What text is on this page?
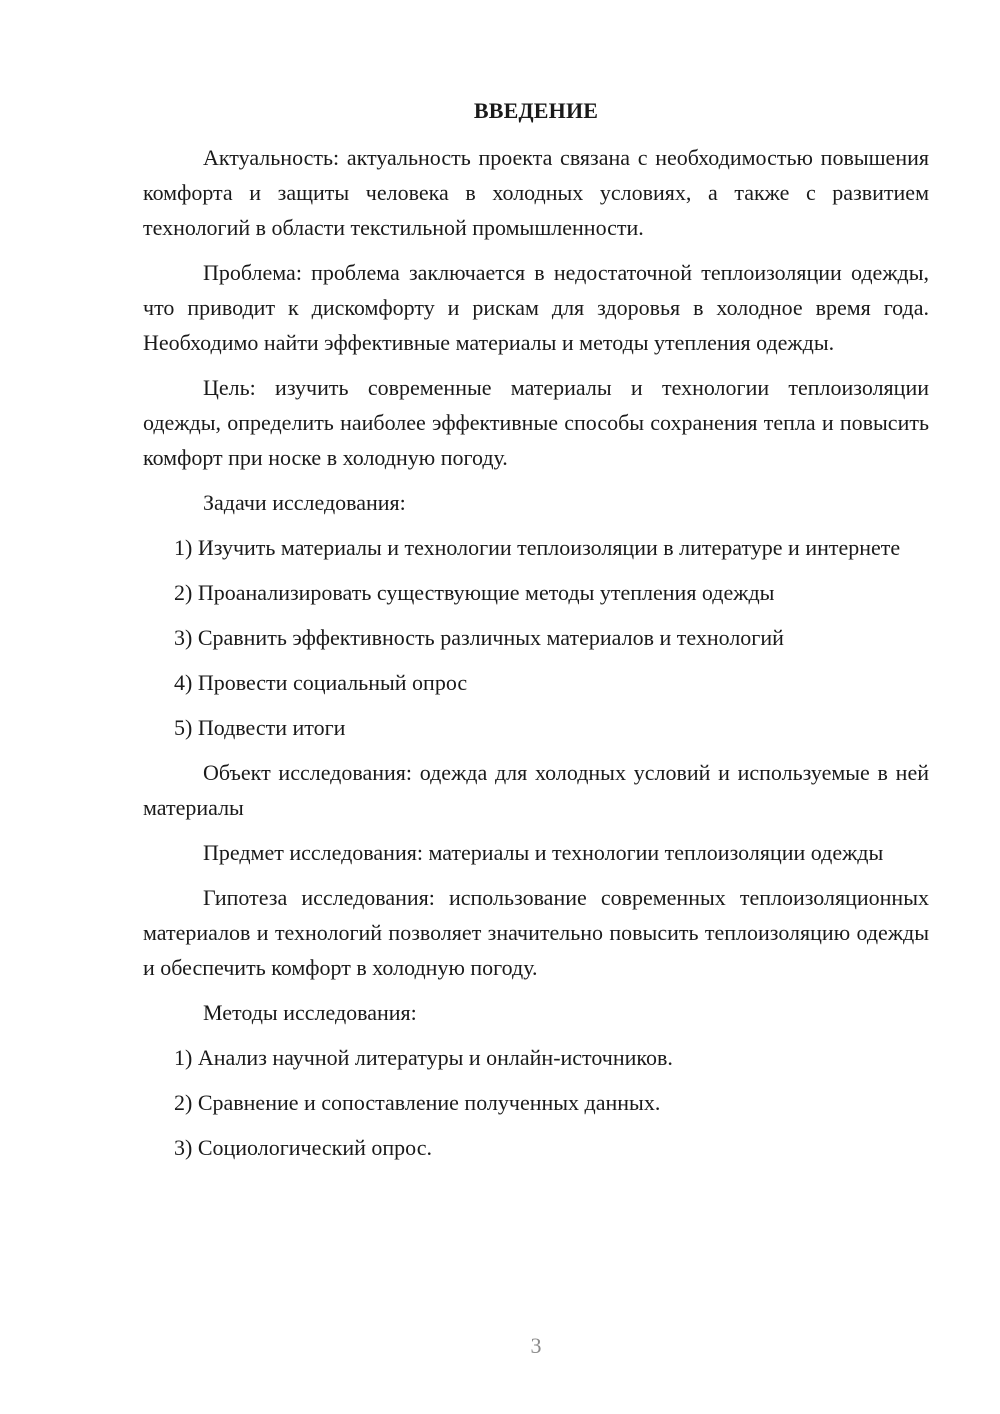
ВВЕДЕНИЕ

Актуальность: актуальность проекта связана с необходимостью повышения комфорта и защиты человека в холодных условиях, а также с развитием технологий в области текстильной промышленности.

Проблема: проблема заключается в недостаточной теплоизоляции одежды, что приводит к дискомфорту и рискам для здоровья в холодное время года. Необходимо найти эффективные материалы и методы утепления одежды.

Цель: изучить современные материалы и технологии теплоизоляции одежды, определить наиболее эффективные способы сохранения тепла и повысить комфорт при носке в холодную погоду.

Задачи исследования:

1) Изучить материалы и технологии теплоизоляции в литературе и интернете

2) Проанализировать существующие методы утепления одежды

3) Сравнить эффективность различных материалов и технологий

4) Провести социальный опрос

5) Подвести итоги

Объект исследования: одежда для холодных условий и используемые в ней материалы

Предмет исследования: материалы и технологии теплоизоляции одежды

Гипотеза исследования: использование современных теплоизоляционных материалов и технологий позволяет значительно повысить теплоизоляцию одежды и обеспечить комфорт в холодную погоду.

Методы исследования:

1) Анализ научной литературы и онлайн-источников.

2) Сравнение и сопоставление полученных данных.

3) Социологический опрос.

3
